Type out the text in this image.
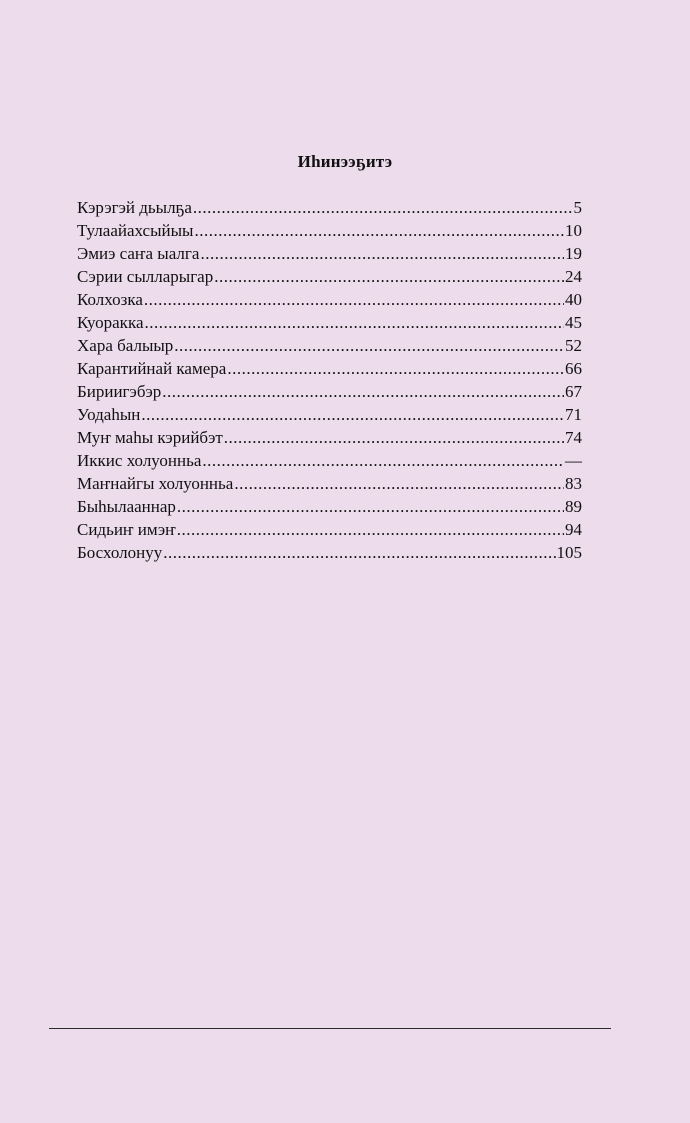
Иhинээҕитэ
Кэрэгэй дьылҕа .....	5
Тулаайахсыйыы .....	10
Эмиэ саҥа ыалга .....	19
Сэрии сылларыгар .....	24
Колхозка .....	40
Куоракка .....	45
Хара балыыр .....	52
Карантийнай камера .....	66
Бириигэбэр .....	67
Уодаhын .....	71
Муҥ маhы кэрийбэт .....	74
Иккис холуонньа .....	—
Маҥнайгы холуонньа .....	83
Быhылааннар .....	89
Сидьиҥ имэҥ .....	94
Босхолонуу .....	105
